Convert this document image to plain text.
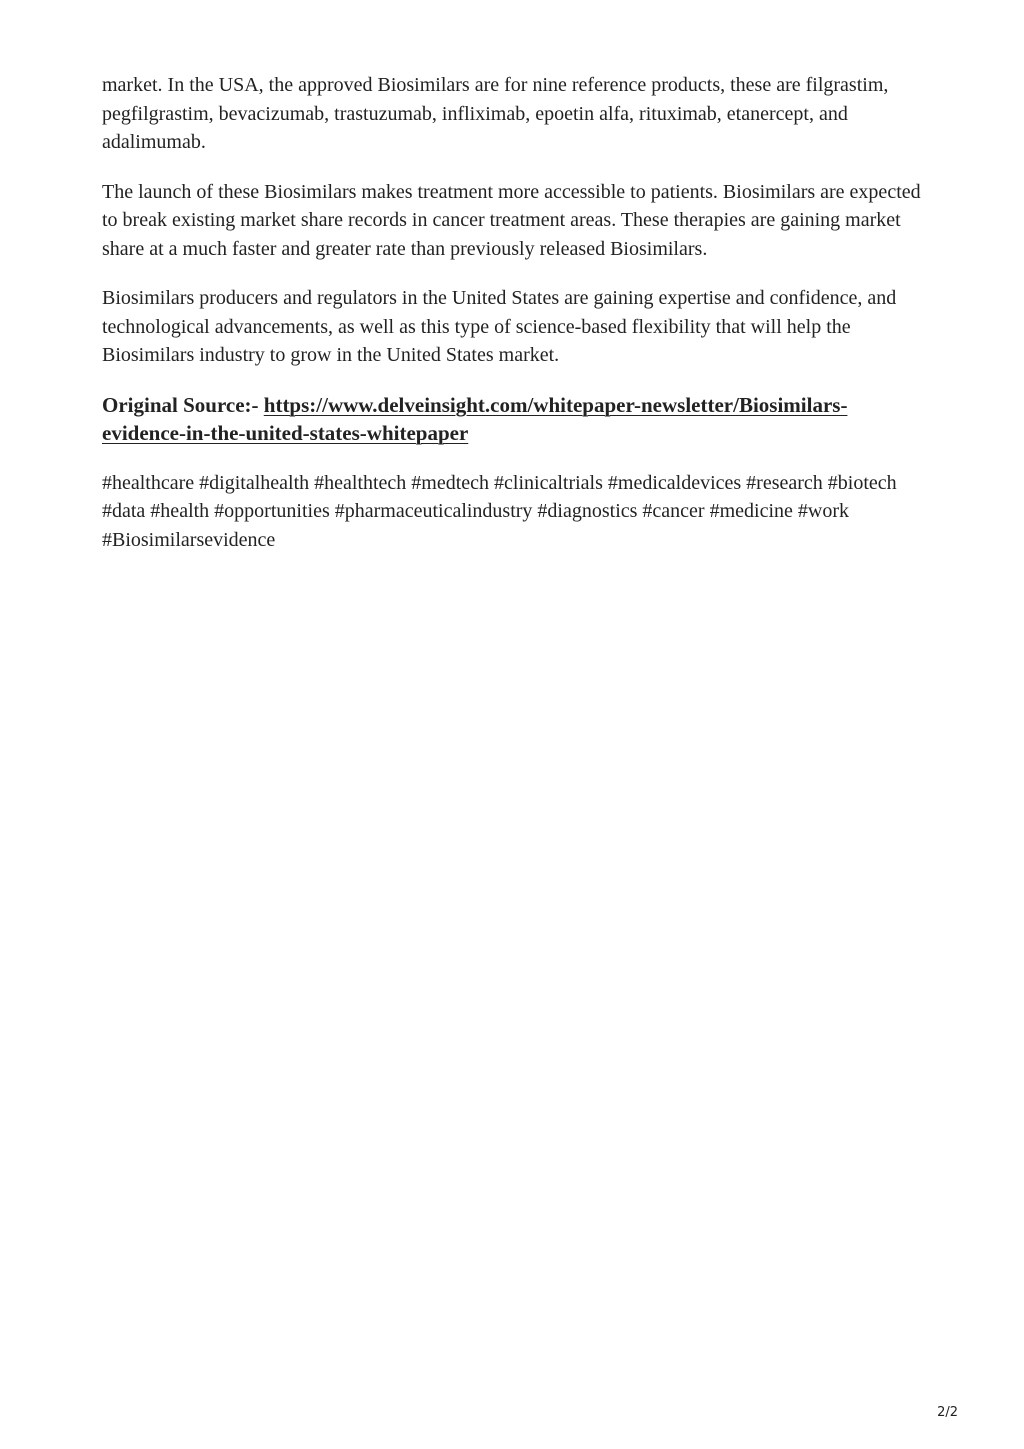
market. In the USA, the approved Biosimilars are for nine reference products, these are filgrastim, pegfilgrastim, bevacizumab, trastuzumab, infliximab, epoetin alfa, rituximab, etanercept, and adalimumab.

The launch of these Biosimilars makes treatment more accessible to patients. Biosimilars are expected to break existing market share records in cancer treatment areas. These therapies are gaining market share at a much faster and greater rate than previously released Biosimilars.

Biosimilars producers and regulators in the United States are gaining expertise and confidence, and technological advancements, as well as this type of science-based flexibility that will help the Biosimilars industry to grow in the United States market.

Original Source:- https://www.delveinsight.com/whitepaper-newsletter/Biosimilars-evidence-in-the-united-states-whitepaper

#healthcare #digitalhealth #healthtech #medtech #clinicaltrials #medicaldevices #research #biotech #data #health #opportunities #pharmaceuticalindustry #diagnostics #cancer #medicine #work #Biosimilarsevidence

2/2
